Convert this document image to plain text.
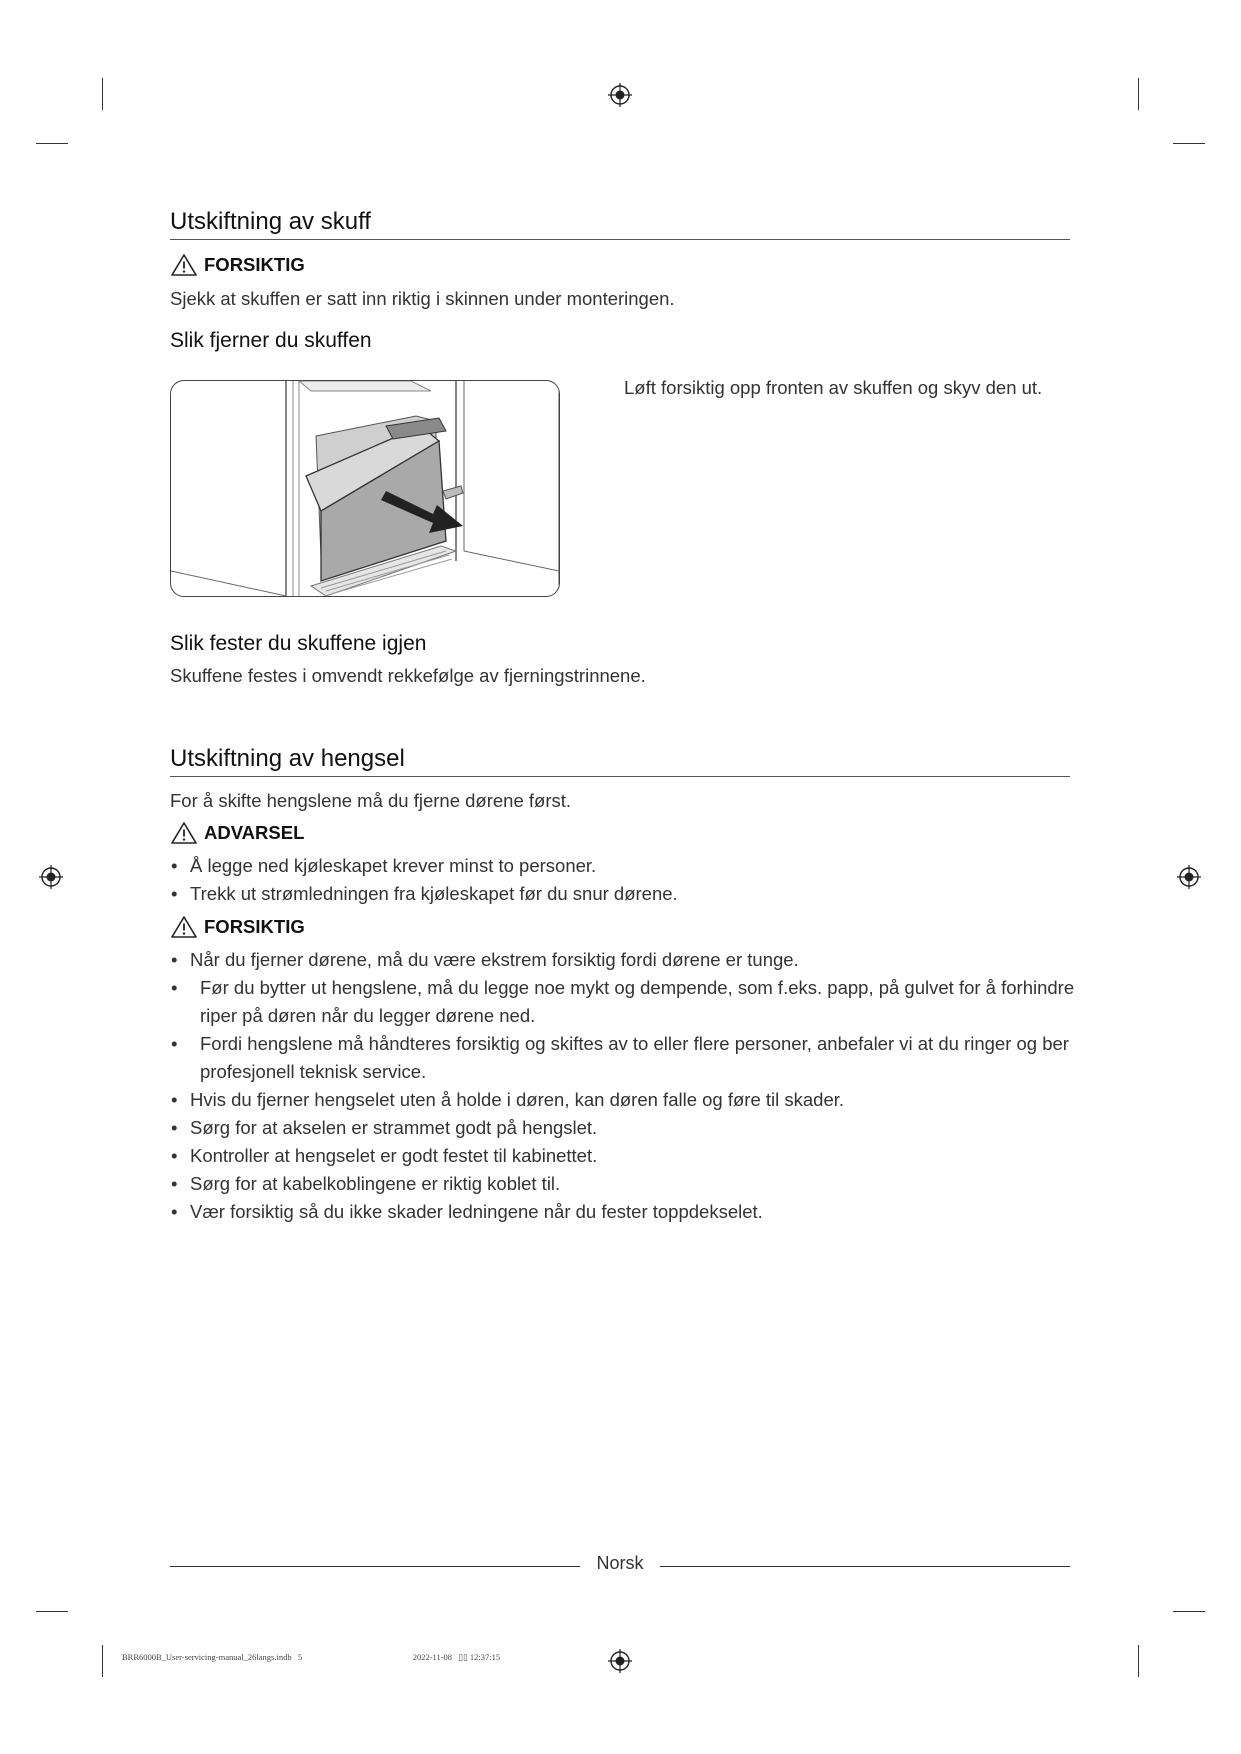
Utskiftning av skuff
FORSIKTIG
Sjekk at skuffen er satt inn riktig i skinnen under monteringen.
Slik fjerner du skuffen
Løft forsiktig opp fronten av skuffen og skyv den ut.
Slik fester du skuffene igjen
Skuffene festes i omvendt rekkefølge av fjerningstrinnene.
Utskiftning av hengsel
For å skifte hengslene må du fjerne dørene først.
ADVARSEL
• Å legge ned kjøleskapet krever minst to personer.
• Trekk ut strømledningen fra kjøleskapet før du snur dørene.
FORSIKTIG
• Når du fjerner dørene, må du være ekstrem forsiktig fordi dørene er tunge.
• Før du bytter ut hengslene, må du legge noe mykt og dempende, som f.eks. papp, på gulvet for å forhindre riper på døren når du legger dørene ned.
• Fordi hengslene må håndteres forsiktig og skiftes av to eller flere personer, anbefaler vi at du ringer og ber profesjonell teknisk service.
• Hvis du fjerner hengselet uten å holde i døren, kan døren falle og føre til skader.
• Sørg for at akselen er strammet godt på hengslet.
• Kontroller at hengselet er godt festet til kabinettet.
• Sørg for at kabelkoblingene er riktig koblet til.
• Vær forsiktig så du ikke skader ledningene når du fester toppdekselet.
Norsk
BRR6000B_User-servicing-manual_26langs.indb   5                                                    2022-11-08   ▯▯ 12:37:15
